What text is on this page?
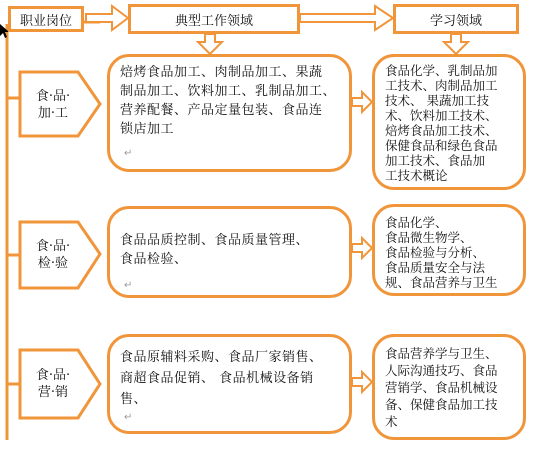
职业岗位	典型工作领域	学习领域
食·品·
加·工
食·品·
检·验
食·品·
营·销
焙烤食品加工、肉制品加工、果蔬
制品加工、饮料加工、乳制品加工、
营养配餐、产品定量包装、食品连
锁店加工
食品化学、乳制品加
工技术、肉制品加工
技术、 果蔬加工技
术、饮料加工技术、
焙烤食品加工技术、
保健食品和绿色食品
加工技术、食品加
工技术概论
食品品质控制、食品质量管理、
食品检验、
食品化学、
食品微生物学、
食品检验与分析、
食品质量安全与法
规、食品营养与卫生
食品原辅料采购、食品厂家销售、
商超食品促销、 食品机械设备销
售、
食品营养学与卫生、
人际沟通技巧、食品
营销学、食品机械设
备、保健食品加工技
术
↵
↵
↵
